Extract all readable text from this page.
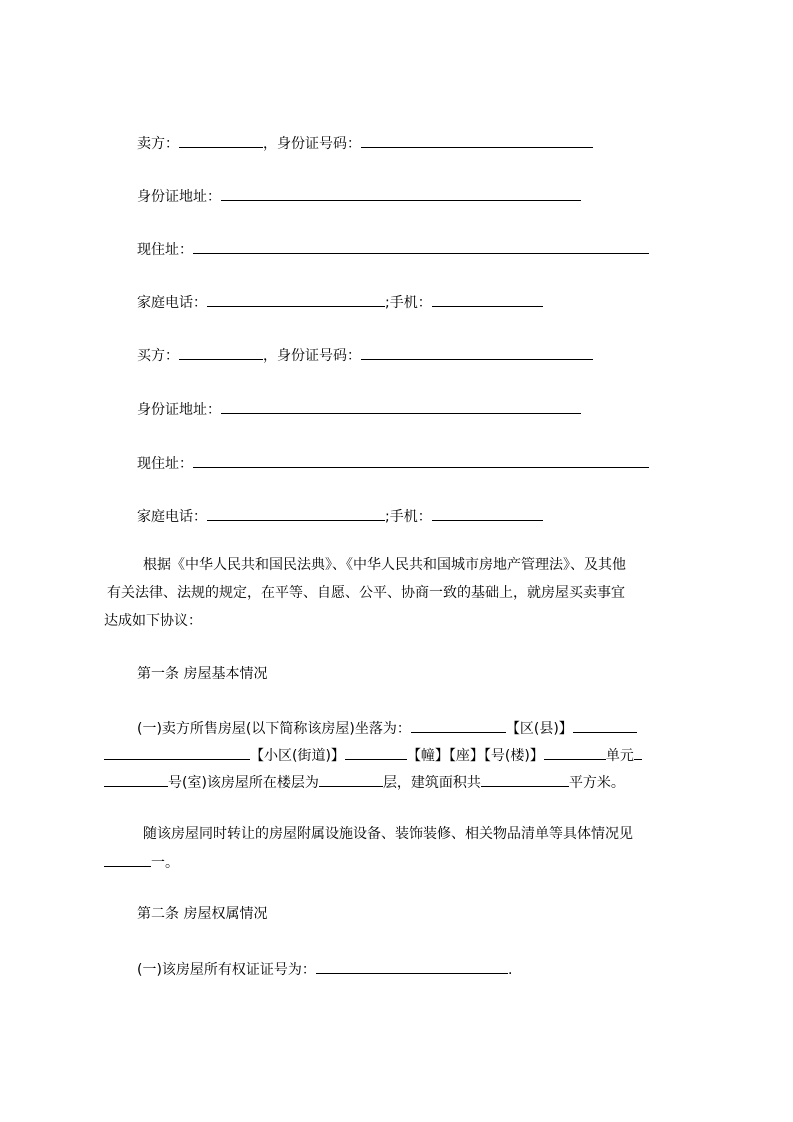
卖方：	，身份证号码：
身份证地址：
现住址：
家庭电话：	;手机：
买方：	，身份证号码：
身份证地址：
现住址：
家庭电话：	;手机：
根据《中华人民共和国民法典》、《中华人民共和国城市房地产管理法》、及其他
有关法律、法规的规定，在平等、自愿、公平、协商一致的基础上，就房屋买卖事宜
达成如下协议：
第一条 房屋基本情况
(一)卖方所售房屋(以下简称该房屋)坐落为：	【区(县)】
【小区(街道)】	【幢】【座】【号(楼)】	单元
号(室)该房屋所在楼层为	层，建筑面积共	平方米。
随该房屋同时转让的房屋附属设施设备、装饰装修、相关物品清单等具体情况见
一。
第二条 房屋权属情况
(一)该房屋所有权证证号为：	.
